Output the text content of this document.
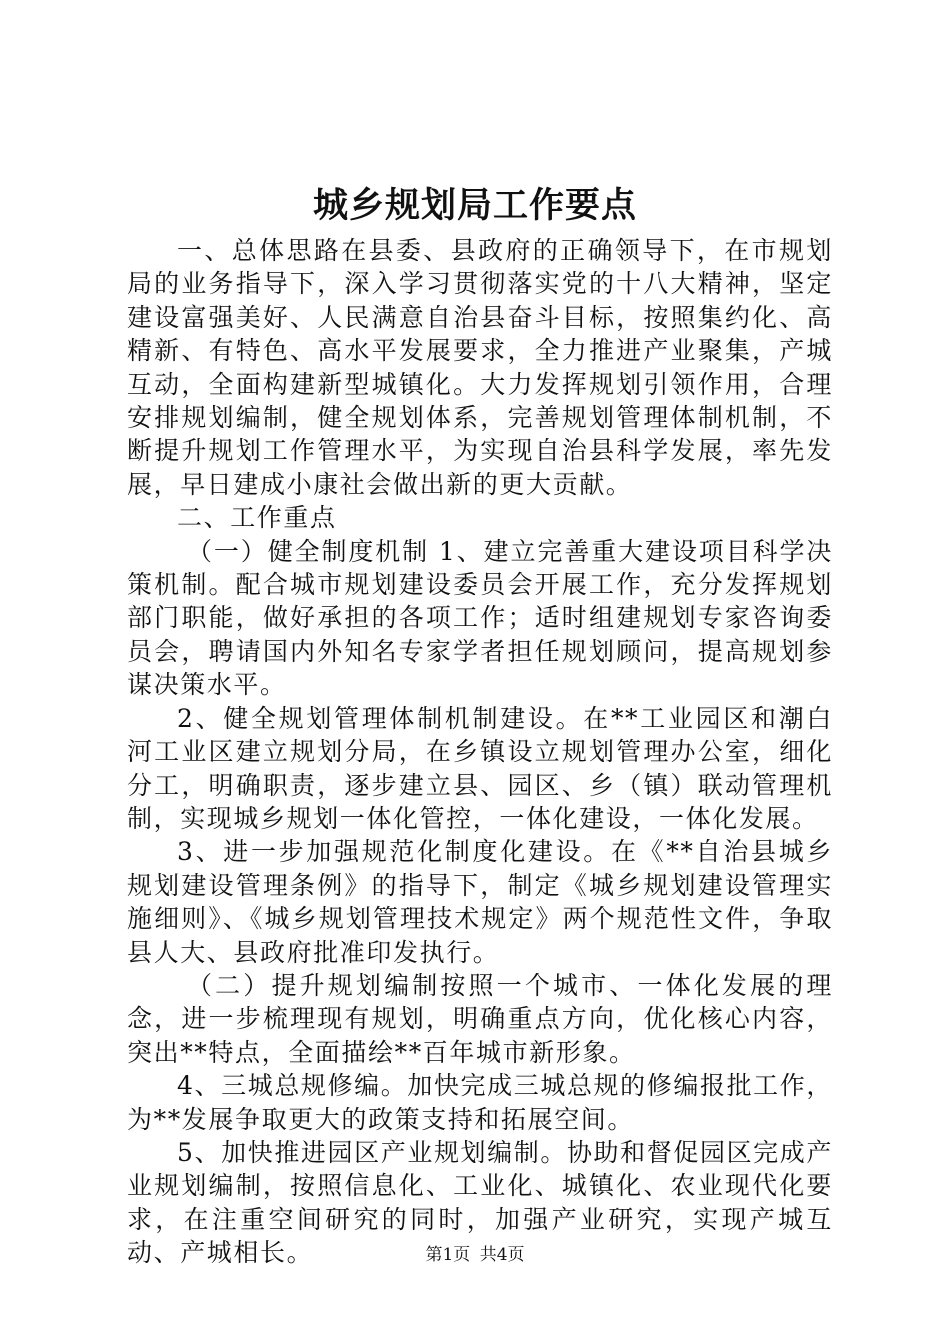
城乡规划局工作要点

一、总体思路在县委、县政府的正确领导下，在市规划局的业务指导下，深入学习贯彻落实党的十八大精神，坚定建设富强美好、人民满意自治县奋斗目标，按照集约化、高精新、有特色、高水平发展要求，全力推进产业聚集，产城互动，全面构建新型城镇化。大力发挥规划引领作用，合理安排规划编制，健全规划体系，完善规划管理体制机制，不断提升规划工作管理水平，为实现自治县科学发展，率先发展，早日建成小康社会做出新的更大贡献。

二、工作重点

（一）健全制度机制 1、建立完善重大建设项目科学决策机制。配合城市规划建设委员会开展工作，充分发挥规划部门职能，做好承担的各项工作；适时组建规划专家咨询委员会，聘请国内外知名专家学者担任规划顾问，提高规划参谋决策水平。

2、健全规划管理体制机制建设。在**工业园区和潮白河工业区建立规划分局，在乡镇设立规划管理办公室，细化分工，明确职责，逐步建立县、园区、乡（镇）联动管理机制，实现城乡规划一体化管控，一体化建设，一体化发展。

3、进一步加强规范化制度化建设。在《**自治县城乡规划建设管理条例》的指导下，制定《城乡规划建设管理实施细则》、《城乡规划管理技术规定》两个规范性文件，争取县人大、县政府批准印发执行。

（二）提升规划编制按照一个城市、一体化发展的理念，进一步梳理现有规划，明确重点方向，优化核心内容，突出**特点，全面描绘**百年城市新形象。

4、三城总规修编。加快完成三城总规的修编报批工作，为**发展争取更大的政策支持和拓展空间。

5、加快推进园区产业规划编制。协助和督促园区完成产业规划编制，按照信息化、工业化、城镇化、农业现代化要求，在注重空间研究的同时，加强产业研究，实现产城互动、产城相长。	第1页 共4页
